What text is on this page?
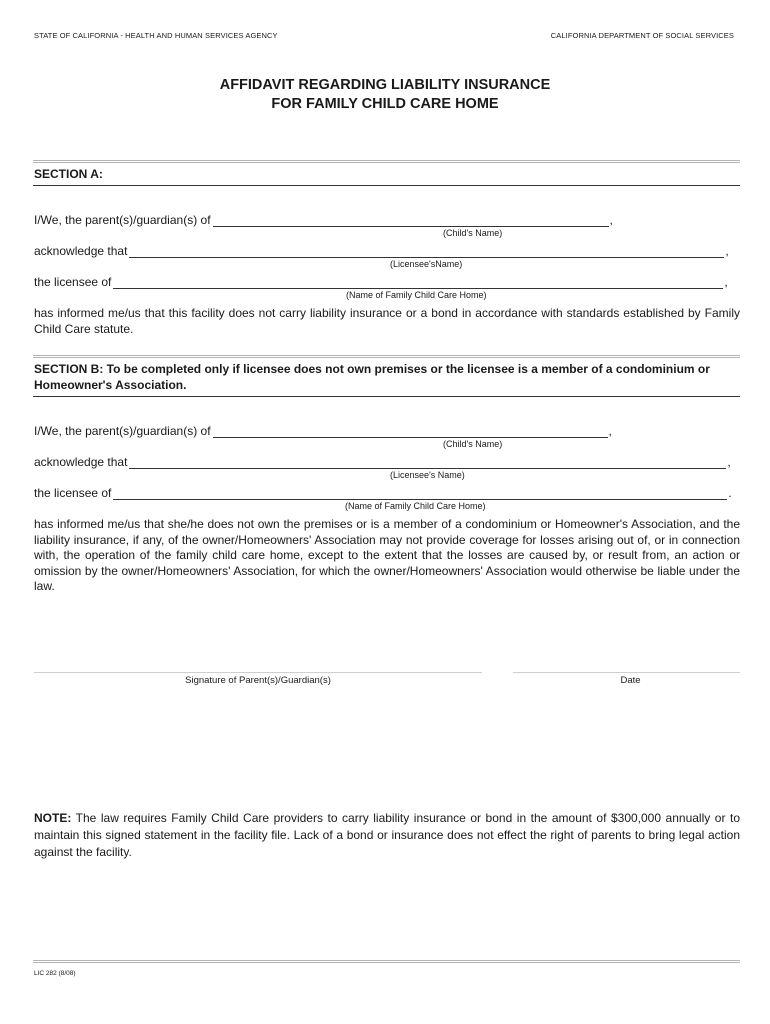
STATE OF CALIFORNIA - HEALTH AND HUMAN SERVICES AGENCY	CALIFORNIA DEPARTMENT OF SOCIAL SERVICES
AFFIDAVIT REGARDING LIABILITY INSURANCE
FOR FAMILY CHILD CARE HOME
SECTION A:
I/We, the parent(s)/guardian(s) of	,
(Child's Name)
acknowledge that	,
(Licensee'sName)
the licensee of	,
(Name of Family Child Care Home)
has informed me/us that this facility does not carry liability insurance or a bond in accordance with standards established by Family Child Care statute.
SECTION B: To be completed only if licensee does not own premises or the licensee is a member of a condominium or Homeowner's Association.
I/We, the parent(s)/guardian(s) of	,
(Child's Name)
acknowledge that	,
(Licensee's Name)
the licensee of	.
(Name of Family Child Care Home)
has informed me/us that she/he does not own the premises or is a member of a condominium or Homeowner's Association, and the liability insurance, if any, of the owner/Homeowners' Association may not provide coverage for losses arising out of, or in connection with, the operation of the family child care home, except to the extent that the losses are caused by, or result from, an action or omission by the owner/Homeowners' Association, for which the owner/Homeowners' Association would otherwise be liable under the law.
Signature of Parent(s)/Guardian(s)	Date
NOTE: The law requires Family Child Care providers to carry liability insurance or bond in the amount of $300,000 annually or to maintain this signed statement in the facility file. Lack of a bond or insurance does not effect the right of parents to bring legal action against the facility.
LIC 282 (8/08)
